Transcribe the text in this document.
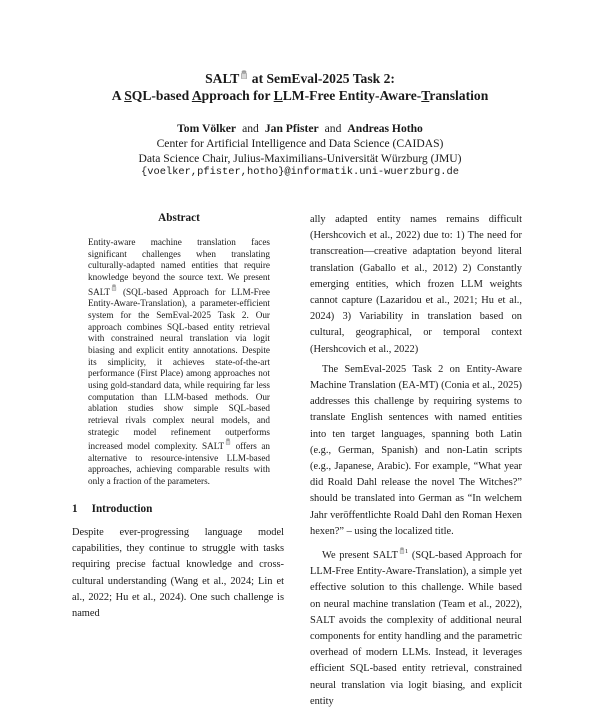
SALT at SemEval-2025 Task 2:
A SQL-based Approach for LLM-Free Entity-Aware-Translation
Tom Völker and Jan Pfister and Andreas Hotho
Center for Artificial Intelligence and Data Science (CAIDAS)
Data Science Chair, Julius-Maximilians-Universität Würzburg (JMU)
{voelker,pfister,hotho}@informatik.uni-wuerzburg.de
Abstract

Entity-aware machine translation faces significant challenges when translating culturally-adapted named entities that require knowledge beyond the source text. We present SALT (SQL-based Approach for LLM-Free Entity-Aware-Translation), a parameter-efficient system for the SemEval-2025 Task 2. Our approach combines SQL-based entity retrieval with constrained neural translation via logit biasing and explicit entity annotations. Despite its simplicity, it achieves state-of-the-art performance (First Place) among approaches not using gold-standard data, while requiring far less computation than LLM-based methods. Our ablation studies show simple SQL-based retrieval rivals complex neural models, and strategic model refinement outperforms increased model complexity. SALT offers an alternative to resource-intensive LLM-based approaches, achieving comparable results with only a fraction of the parameters.

1 Introduction

Despite ever-progressing language model capabilities, they continue to struggle with tasks requiring precise factual knowledge and cross-cultural understanding (Wang et al., 2024; Lin et al., 2022; Hu et al., 2024). One such challenge is named

ally adapted entity names remains difficult (Hershcovich et al., 2022) due to: 1) The need for transcreation—creative adaptation beyond literal translation (Gaballo et al., 2012) 2) Constantly emerging entities, which frozen LLM weights cannot capture (Lazaridou et al., 2021; Hu et al., 2024) 3) Variability in translation based on cultural, geographical, or temporal context (Hershcovich et al., 2022)

The SemEval-2025 Task 2 on Entity-Aware Machine Translation (EA-MT) (Conia et al., 2025) addresses this challenge by requiring systems to translate English sentences with named entities into ten target languages, spanning both Latin (e.g., German, Spanish) and non-Latin scripts (e.g., Japanese, Arabic). For example, “What year did Roald Dahl release the novel The Witches?” should be translated into German as “In welchem Jahr veröffentlichte Roald Dahl den Roman Hexen hexen?” – using the localized title.

We present SALT $^1$ (SQL-based Approach for LLM-Free Entity-Aware-Translation), a simple yet effective solution to this challenge. While based on neural machine translation (Team et al., 2022), SALT avoids the complexity of additional neural components for entity handling and the parametric overhead of modern LLMs. Instead, it leverages efficient SQL-based entity retrieval, constrained neural translation via logit biasing, and explicit entity
